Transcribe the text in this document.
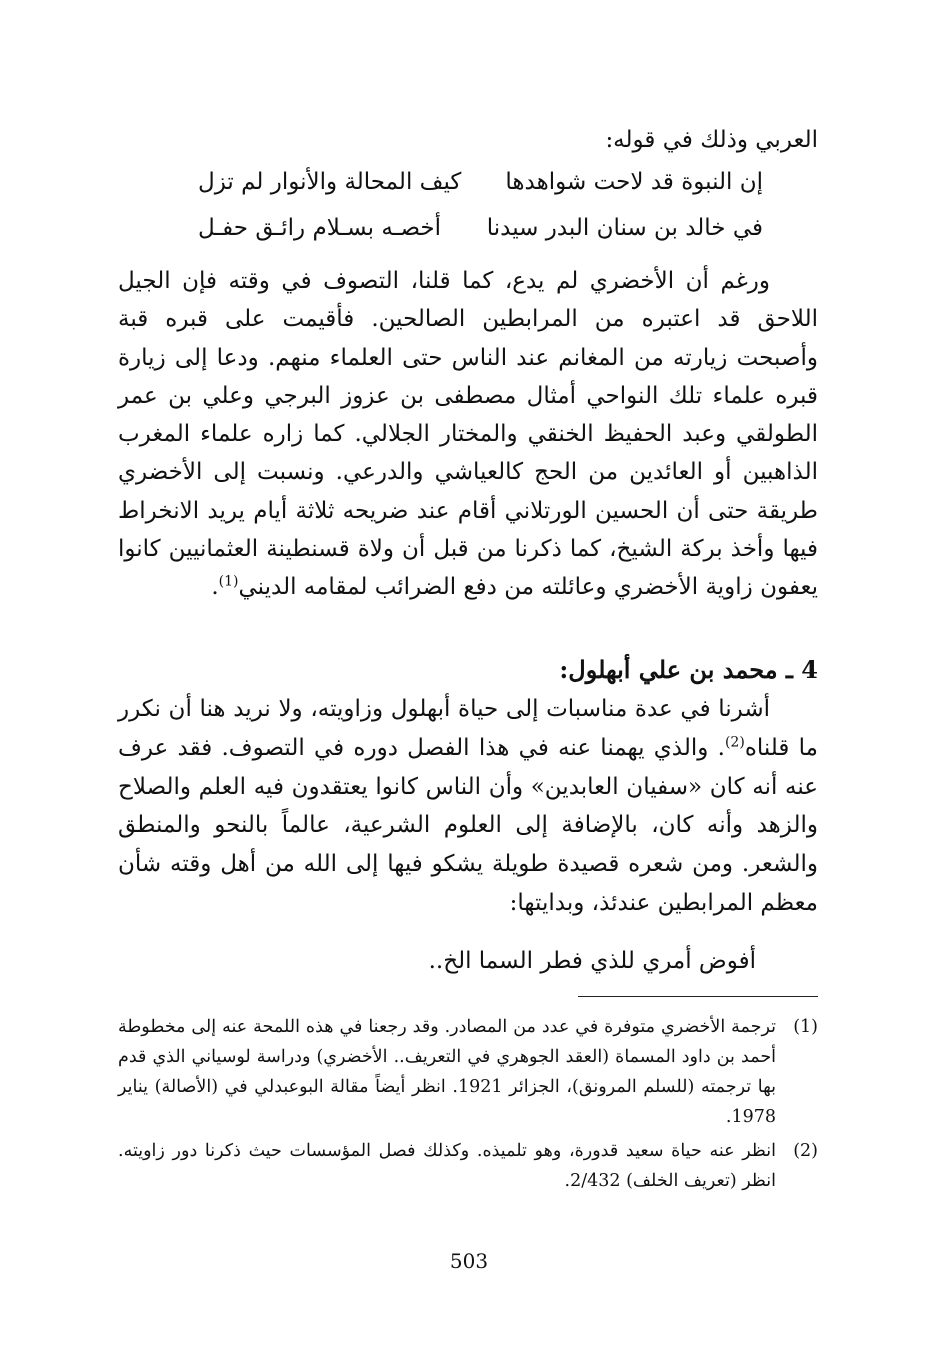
العربي وذلك في قوله:
إن النبوة قد لاحت شواهدها
كيف المحالة والأنوار لم تزل
في خالد بن سنان البدر سيدنا
أخصـه بسـلام رائـق حفـل

ورغم أن الأخضري لم يدع، كما قلنا، التصوف في وقته فإن الجيل اللاحق قد اعتبره من المرابطين الصالحين. فأقيمت على قبره قبة وأصبحت زيارته من المغانم عند الناس حتى العلماء منهم. ودعا إلى زيارة قبره علماء تلك النواحي أمثال مصطفى بن عزوز البرجي وعلي بن عمر الطولقي وعبد الحفيظ الخنقي والمختار الجلالي. كما زاره علماء المغرب الذاهبين أو العائدين من الحج كالعياشي والدرعي. ونسبت إلى الأخضري طريقة حتى أن الحسين الورتلاني أقام عند ضريحه ثلاثة أيام يريد الانخراط فيها وأخذ بركة الشيخ، كما ذكرنا من قبل أن ولاة قسنطينة العثمانيين كانوا يعفون زاوية الأخضري وعائلته من دفع الضرائب لمقامه الديني$^{(1)}$.

4 ـ محمد بن علي أبهلول:

أشرنا في عدة مناسبات إلى حياة أبهلول وزاويته، ولا نريد هنا أن نكرر ما قلناه$^{(2)}$. والذي يهمنا عنه في هذا الفصل دوره في التصوف. فقد عرف عنه أنه كان «سفيان العابدين» وأن الناس كانوا يعتقدون فيه العلم والصلاح والزهد وأنه كان، بالإضافة إلى العلوم الشرعية، عالماً بالنحو والمنطق والشعر. ومن شعره قصيدة طويلة يشكو فيها إلى الله من أهل وقته شأن معظم المرابطين عندئذ، وبدايتها:

أفوض أمري للذي فطر السما الخ..

(1)
ترجمة الأخضري متوفرة في عدد من المصادر. وقد رجعنا في هذه اللمحة عنه إلى مخطوطة أحمد بن داود المسماة (العقد الجوهري في التعريف.. الأخضري) ودراسة لوسياني الذي قدم بها ترجمته (للسلم المرونق)، الجزائر 1921. انظر أيضاً مقالة البوعبدلي في (الأصالة) يناير 1978.

(2)
انظر عنه حياة سعيد قدورة، وهو تلميذه. وكذلك فصل المؤسسات حيث ذكرنا دور زاويته. انظر (تعريف الخلف) 2/432.

503
